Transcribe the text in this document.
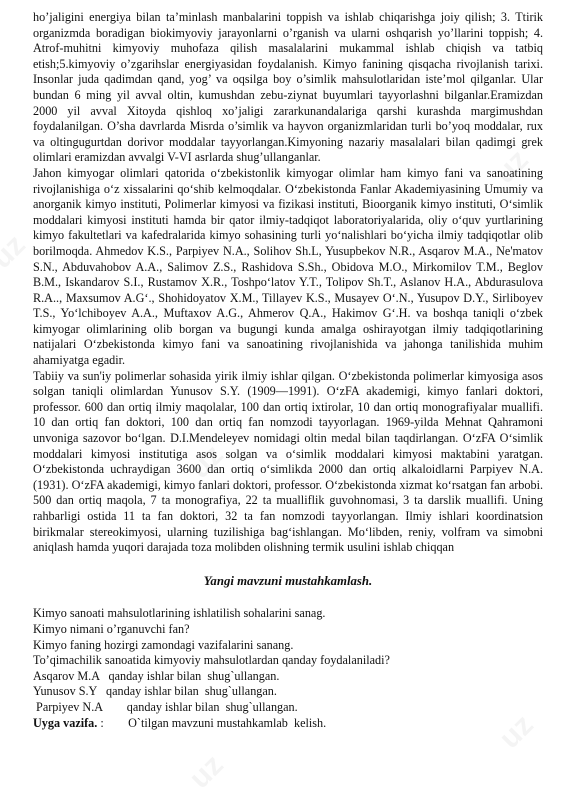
ho’jaligini energiya bilan ta’minlash manbalarini toppish va ishlab chiqarishga joiy qilish; 3. Ttirik organizmda boradigan biokimyoviy jarayonlarni o’rganish va ularni oshqarish yo’llarini toppish; 4. Atrof-muhitni kimyoviy muhofaza qilish masalalarini mukammal ishlab chiqish va tatbiq etish;5.kimyoviy o’zgarihslar energiyasidan foydalanish. Kimyo fanining qisqacha rivojlanish tarixi. Insonlar juda qadimdan qand, yog’ va oqsilga boy o’simlik mahsulotlaridan iste’mol qilganlar. Ular bundan 6 ming yil avval oltin, kumushdan zebu-ziynat buyumlari tayyorlashni bilganlar.Eramizdan 2000 yil avval Xitoyda qishloq xo’jaligi zararkunandalariga qarshi kurashda margimushdan foydalanilgan. O’sha davrlarda Misrda o’simlik va hayvon organizmlaridan turli bo’yoq moddalar, rux va oltingugurtdan dorivor moddalar tayyorlangan.Kimyoning nazariy masalalari bilan qadimgi grek olimlari eramizdan avvalgi V-VI asrlarda shug’ullanganlar.

Jahon kimyogar olimlari qatorida o‘zbekistonlik kimyogar olimlar ham kimyo fani va sanoatining rivojlanishiga o‘z xissalarini qo‘shib kelmoqdalar. O‘zbekistonda Fanlar Akademiyasining Umumiy va anorganik kimyo instituti, Polimerlar kimyosi va fizikasi instituti, Bioorganik kimyo instituti, O‘simlik moddalari kimyosi instituti hamda bir qator ilmiy-tadqiqot laboratoriyalarida, oliy o‘quv yurtlarining kimyo fakultetlari va kafedralarida kimyo sohasining turli yo‘nalishlari bo‘yicha ilmiy tadqiqotlar olib borilmoqda. Ahmedov K.S., Parpiyev N.A., Solihov Sh.L, Yusupbekov N.R., Asqarov M.A., Ne'matov S.N., Abduvahobov A.A., Salimov Z.S., Rashidova S.Sh., Obidova M.O., Mirkomilov T.M., Beglov B.M., Iskandarov S.I., Rustamov X.R., Toshpo‘latov Y.T., Tolipov Sh.T., Aslanov H.A., Abdurasulova R.A.., Maxsumov A.G‘., Shohidoyatov X.M., Tillayev K.S., Musayev O‘.N., Yusupov D.Y., Sirliboyev T.S., Yo‘lchiboyev A.A., Muftaxov A.G., Ahmerov Q.A., Hakimov G‘.H. va boshqa taniqli o‘zbek kimyogar olimlarining olib borgan va bugungi kunda amalga oshirayotgan ilmiy tadqiqotlarining natijalari O‘zbekistonda kimyo fani va sanoatining rivojlanishida va jahonga tanilishida muhim ahamiyatga egadir.

Tabiiy va sun'iy polimerlar sohasida yirik ilmiy ishlar qilgan. O‘zbekistonda polimerlar kimyosiga asos solgan taniqli olimlardan Yunusov S.Y. (1909—1991). O‘zFA akademigi, kimyo fanlari doktori, professor. 600 dan ortiq ilmiy maqolalar, 100 dan ortiq ixtirolar, 10 dan ortiq monografiyalar muallifi. 10 dan ortiq fan doktori, 100 dan ortiq fan nomzodi tayyorlagan. 1969-yilda Mehnat Qahramoni unvoniga sazovor bo‘lgan. D.I.Mendeleyev nomidagi oltin medal bilan taqdirlangan. O‘zFA O‘simlik moddalari kimyosi institutiga asos solgan va o‘simlik moddalari kimyosi maktabini yaratgan. O‘zbekistonda uchraydigan 3600 dan ortiq o‘simlikda 2000 dan ortiq alkaloidlarni Parpiyev N.A. (1931). O‘zFA akademigi, kimyo fanlari doktori, professor. O‘zbekistonda xizmat ko‘rsatgan fan arbobi. 500 dan ortiq maqola, 7 ta monografiya, 22 ta mualliflik guvohnomasi, 3 ta darslik muallifi. Uning rahbarligi ostida 11 ta fan doktori, 32 ta fan nomzodi tayyorlangan. Ilmiy ishlari koordinatsion birikmalar stereokimyosi, ularning tuzilishiga bag‘ishlangan. Mo‘libden, reniy, volfram va simobni aniqlash hamda yuqori darajada toza molibden olishning termik usulini ishlab chiqqan

Yangi mavzuni mustahkamlash.

Kimyo sanoati mahsulotlarining ishlatilish sohalarini sanag.

Kimyo nimani o’rganuvchi fan?

Kimyo faning hozirgi zamondagi vazifalarini sanang.

To’qimachilik sanoatida kimyoviy mahsulotlardan qanday foydalaniladi?

Asqarov M.A   qanday ishlar bilan  shug`ullangan.

Yunusov S.Y   qanday ishlar bilan  shug`ullangan.

Parpiyev N.A        qanday ishlar bilan  shug`ullangan.

Uyga vazifa. :        O`tilgan mavzuni mustahkamlab  kelish.
